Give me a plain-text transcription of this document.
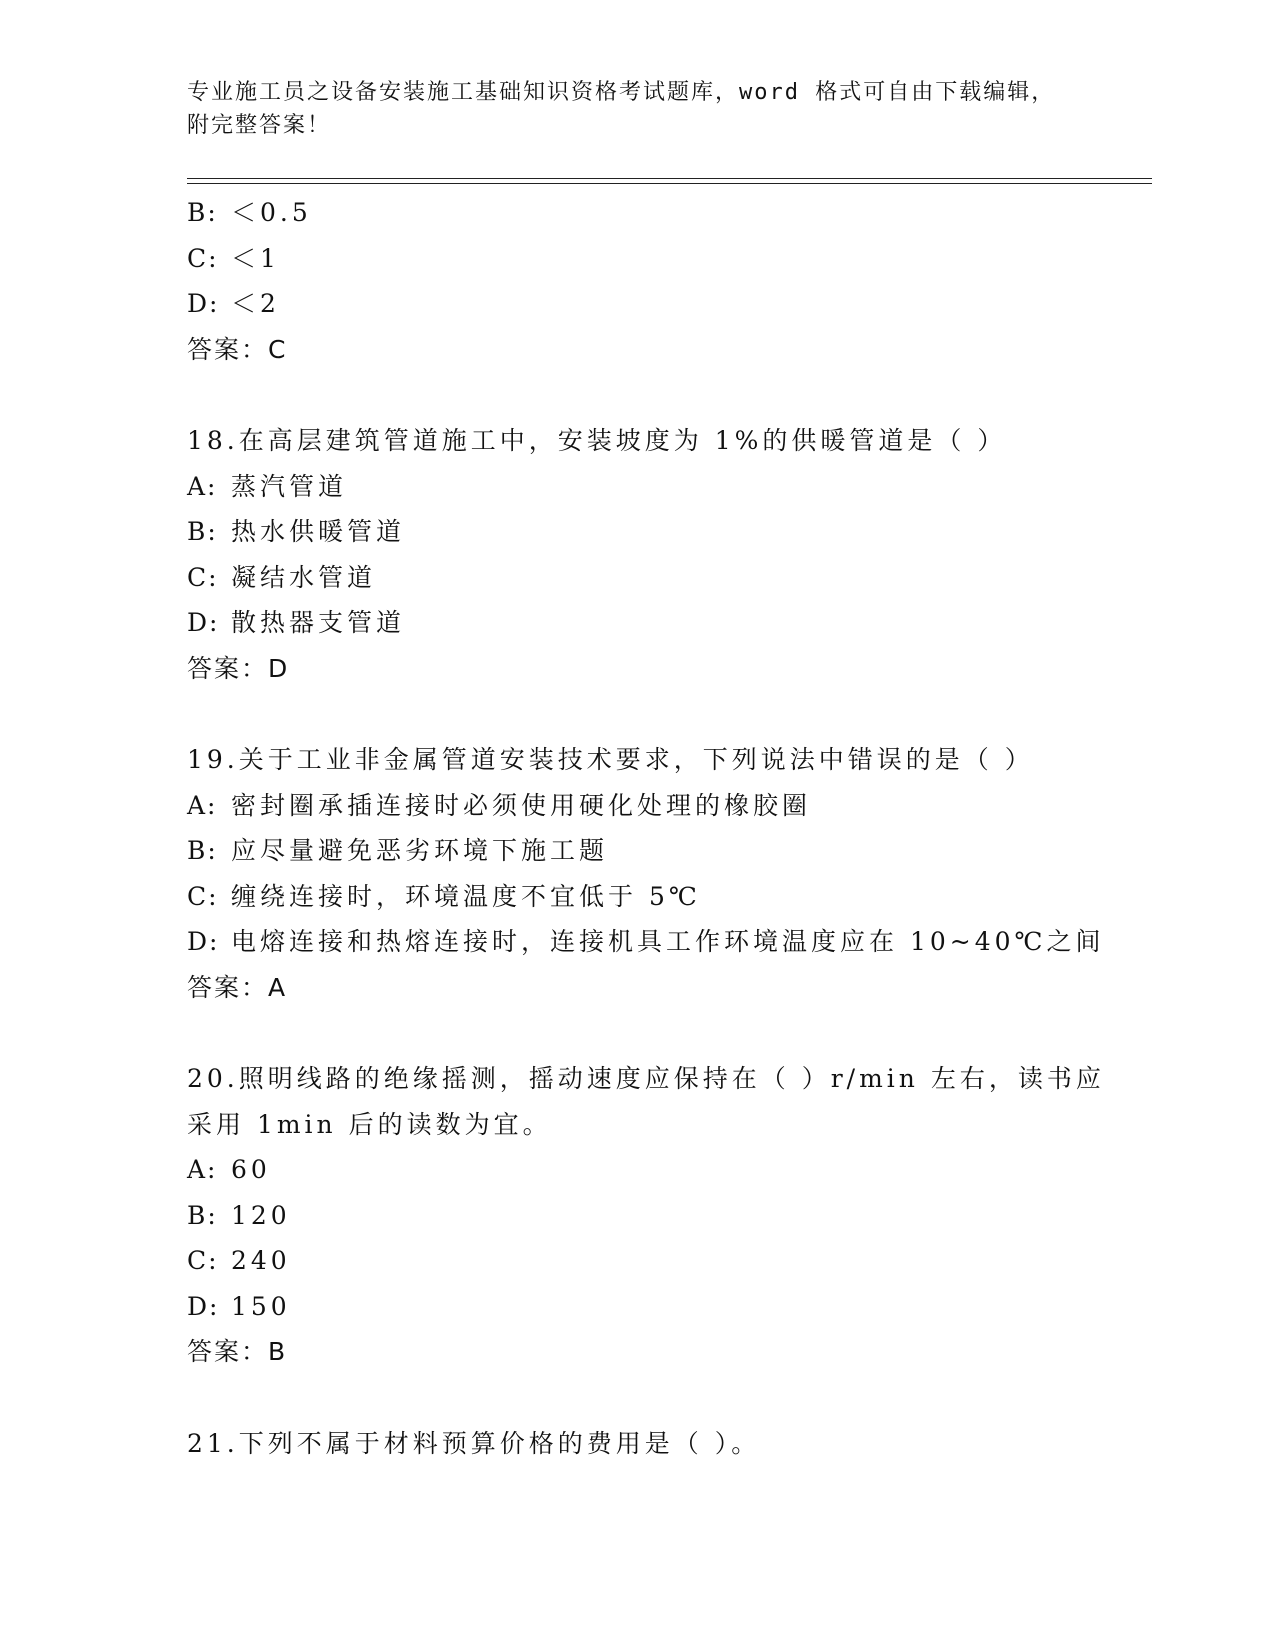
专业施工员之设备安装施工基础知识资格考试题库，word 格式可自由下载编辑，
附完整答案！
B: ＜0.5
C: ＜1
D: ＜2
答案：C
18.在高层建筑管道施工中，安装坡度为 1%的供暖管道是（ ）
A: 蒸汽管道
B: 热水供暖管道
C: 凝结水管道
D: 散热器支管道
答案：D
19.关于工业非金属管道安装技术要求，下列说法中错误的是（ ）
A: 密封圈承插连接时必须使用硬化处理的橡胶圈
B: 应尽量避免恶劣环境下施工题
C: 缠绕连接时，环境温度不宜低于 5℃
D: 电熔连接和热熔连接时，连接机具工作环境温度应在 10~40℃之间
答案：A
20.照明线路的绝缘摇测，摇动速度应保持在（ ）r/min 左右，读书应
采用 1min 后的读数为宜。
A: 60
B: 120
C: 240
D: 150
答案：B
21.下列不属于材料预算价格的费用是（ ）。
